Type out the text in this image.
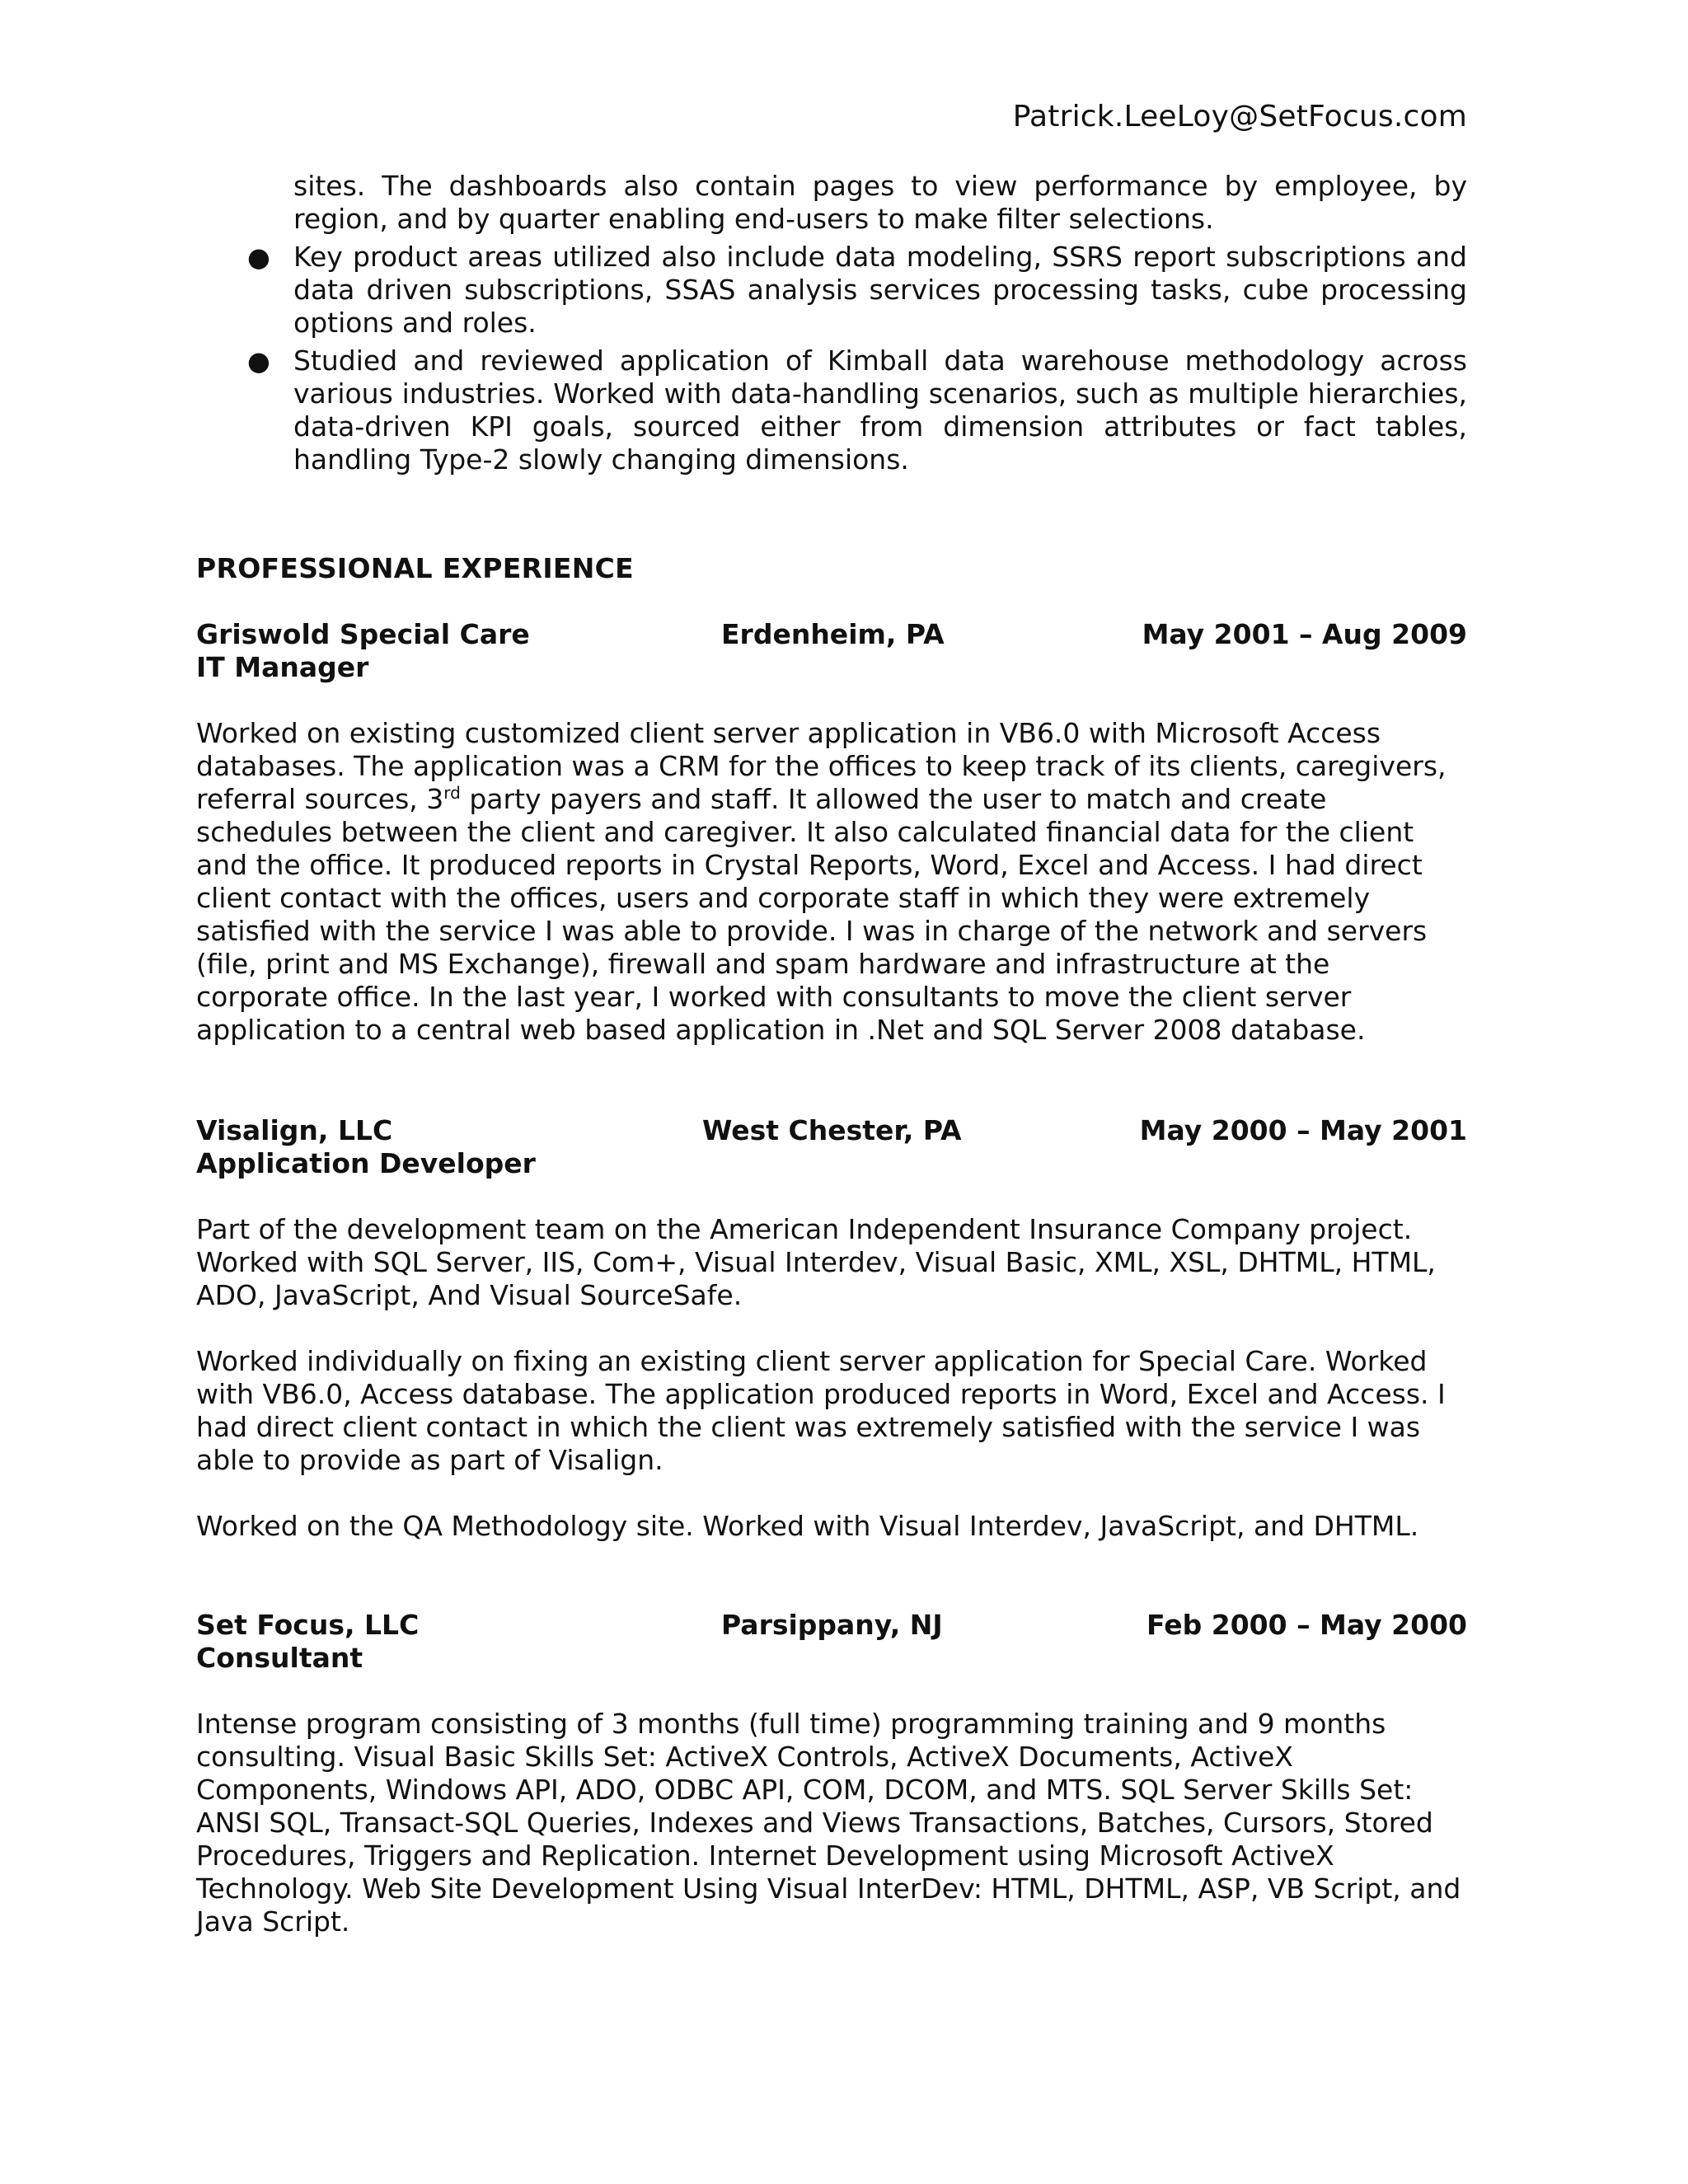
Patrick.LeeLoy@SetFocus.com

sites. The dashboards also contain pages to view performance by employee, by region, and by quarter enabling end-users to make filter selections.

● Key product areas utilized also include data modeling, SSRS report subscriptions and data driven subscriptions, SSAS analysis services processing tasks, cube processing options and roles.
● Studied and reviewed application of Kimball data warehouse methodology across various industries. Worked with data-handling scenarios, such as multiple hierarchies, data-driven KPI goals, sourced either from dimension attributes or fact tables, handling Type-2 slowly changing dimensions.
PROFESSIONAL EXPERIENCE
Griswold Special Care	Erdenheim, PA	May 2001 – Aug 2009
IT Manager

Worked on existing customized client server application in VB6.0 with Microsoft Access databases. The application was a CRM for the offices to keep track of its clients, caregivers, referral sources, 3rd party payers and staff. It allowed the user to match and create schedules between the client and caregiver. It also calculated financial data for the client and the office. It produced reports in Crystal Reports, Word, Excel and Access. I had direct client contact with the offices, users and corporate staff in which they were extremely satisfied with the service I was able to provide. I was in charge of the network and servers (file, print and MS Exchange), firewall and spam hardware and infrastructure at the corporate office. In the last year, I worked with consultants to move the client server application to a central web based application in .Net and SQL Server 2008 database.

Visalign, LLC	West Chester, PA	May 2000 – May 2001
Application Developer

Part of the development team on the American Independent Insurance Company project. Worked with SQL Server, IIS, Com+, Visual Interdev, Visual Basic, XML, XSL, DHTML, HTML, ADO, JavaScript, And Visual SourceSafe.

Worked individually on fixing an existing client server application for Special Care. Worked with VB6.0, Access database. The application produced reports in Word, Excel and Access. I had direct client contact in which the client was extremely satisfied with the service I was able to provide as part of Visalign.

Worked on the QA Methodology site. Worked with Visual Interdev, JavaScript, and DHTML.

Set Focus, LLC	Parsippany, NJ	Feb 2000 – May 2000
Consultant

Intense program consisting of 3 months (full time) programming training and 9 months consulting. Visual Basic Skills Set: ActiveX Controls, ActiveX Documents, ActiveX Components, Windows API, ADO, ODBC API, COM, DCOM, and MTS. SQL Server Skills Set: ANSI SQL, Transact-SQL Queries, Indexes and Views Transactions, Batches, Cursors, Stored Procedures, Triggers and Replication. Internet Development using Microsoft ActiveX Technology. Web Site Development Using Visual InterDev: HTML, DHTML, ASP, VB Script, and Java Script.
